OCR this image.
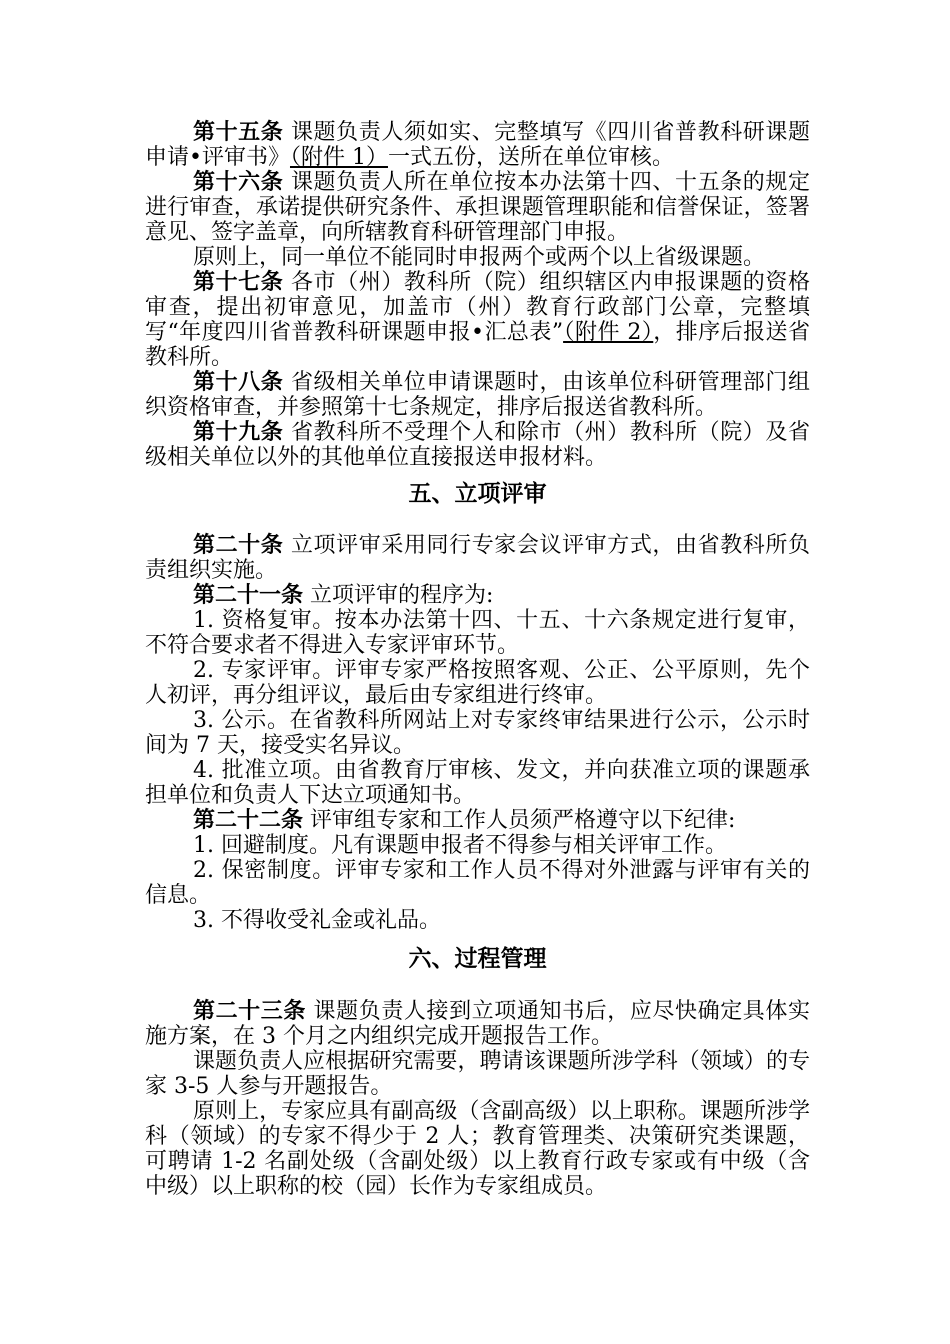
第十五条 课题负责人须如实、完整填写《四川省普教科研课题申请•评审书》（附件 1）一式五份，送所在单位审核。

第十六条 课题负责人所在单位按本办法第十四、十五条的规定进行审查，承诺提供研究条件、承担课题管理职能和信誉保证，签署意见、签字盖章，向所辖教育科研管理部门申报。

原则上，同一单位不能同时申报两个或两个以上省级课题。

第十七条 各市（州）教科所（院）组织辖区内申报课题的资格审查，提出初审意见，加盖市（州）教育行政部门公章，完整填写“年度四川省普教科研课题申报•汇总表”（附件 2），排序后报送省教科所。

第十八条 省级相关单位申请课题时，由该单位科研管理部门组织资格审查，并参照第十七条规定，排序后报送省教科所。

第十九条 省教科所不受理个人和除市（州）教科所（院）及省级相关单位以外的其他单位直接报送申报材料。

五、立项评审

第二十条 立项评审采用同行专家会议评审方式，由省教科所负责组织实施。

第二十一条 立项评审的程序为:

1. 资格复审。按本办法第十四、十五、十六条规定进行复审，不符合要求者不得进入专家评审环节。

2. 专家评审。评审专家严格按照客观、公正、公平原则，先个人初评，再分组评议，最后由专家组进行终审。

3. 公示。在省教科所网站上对专家终审结果进行公示，公示时间为 7 天，接受实名异议。

4. 批准立项。由省教育厅审核、发文，并向获准立项的课题承担单位和负责人下达立项通知书。

第二十二条 评审组专家和工作人员须严格遵守以下纪律:

1. 回避制度。凡有课题申报者不得参与相关评审工作。

2. 保密制度。评审专家和工作人员不得对外泄露与评审有关的信息。

3. 不得收受礼金或礼品。

六、过程管理

第二十三条 课题负责人接到立项通知书后，应尽快确定具体实施方案，在 3 个月之内组织完成开题报告工作。

课题负责人应根据研究需要，聘请该课题所涉学科（领域）的专家 3-5 人参与开题报告。

原则上，专家应具有副高级（含副高级）以上职称。课题所涉学科（领域）的专家不得少于 2 人；教育管理类、决策研究类课题，可聘请 1-2 名副处级（含副处级）以上教育行政专家或有中级（含中级）以上职称的校（园）长作为专家组成员。
